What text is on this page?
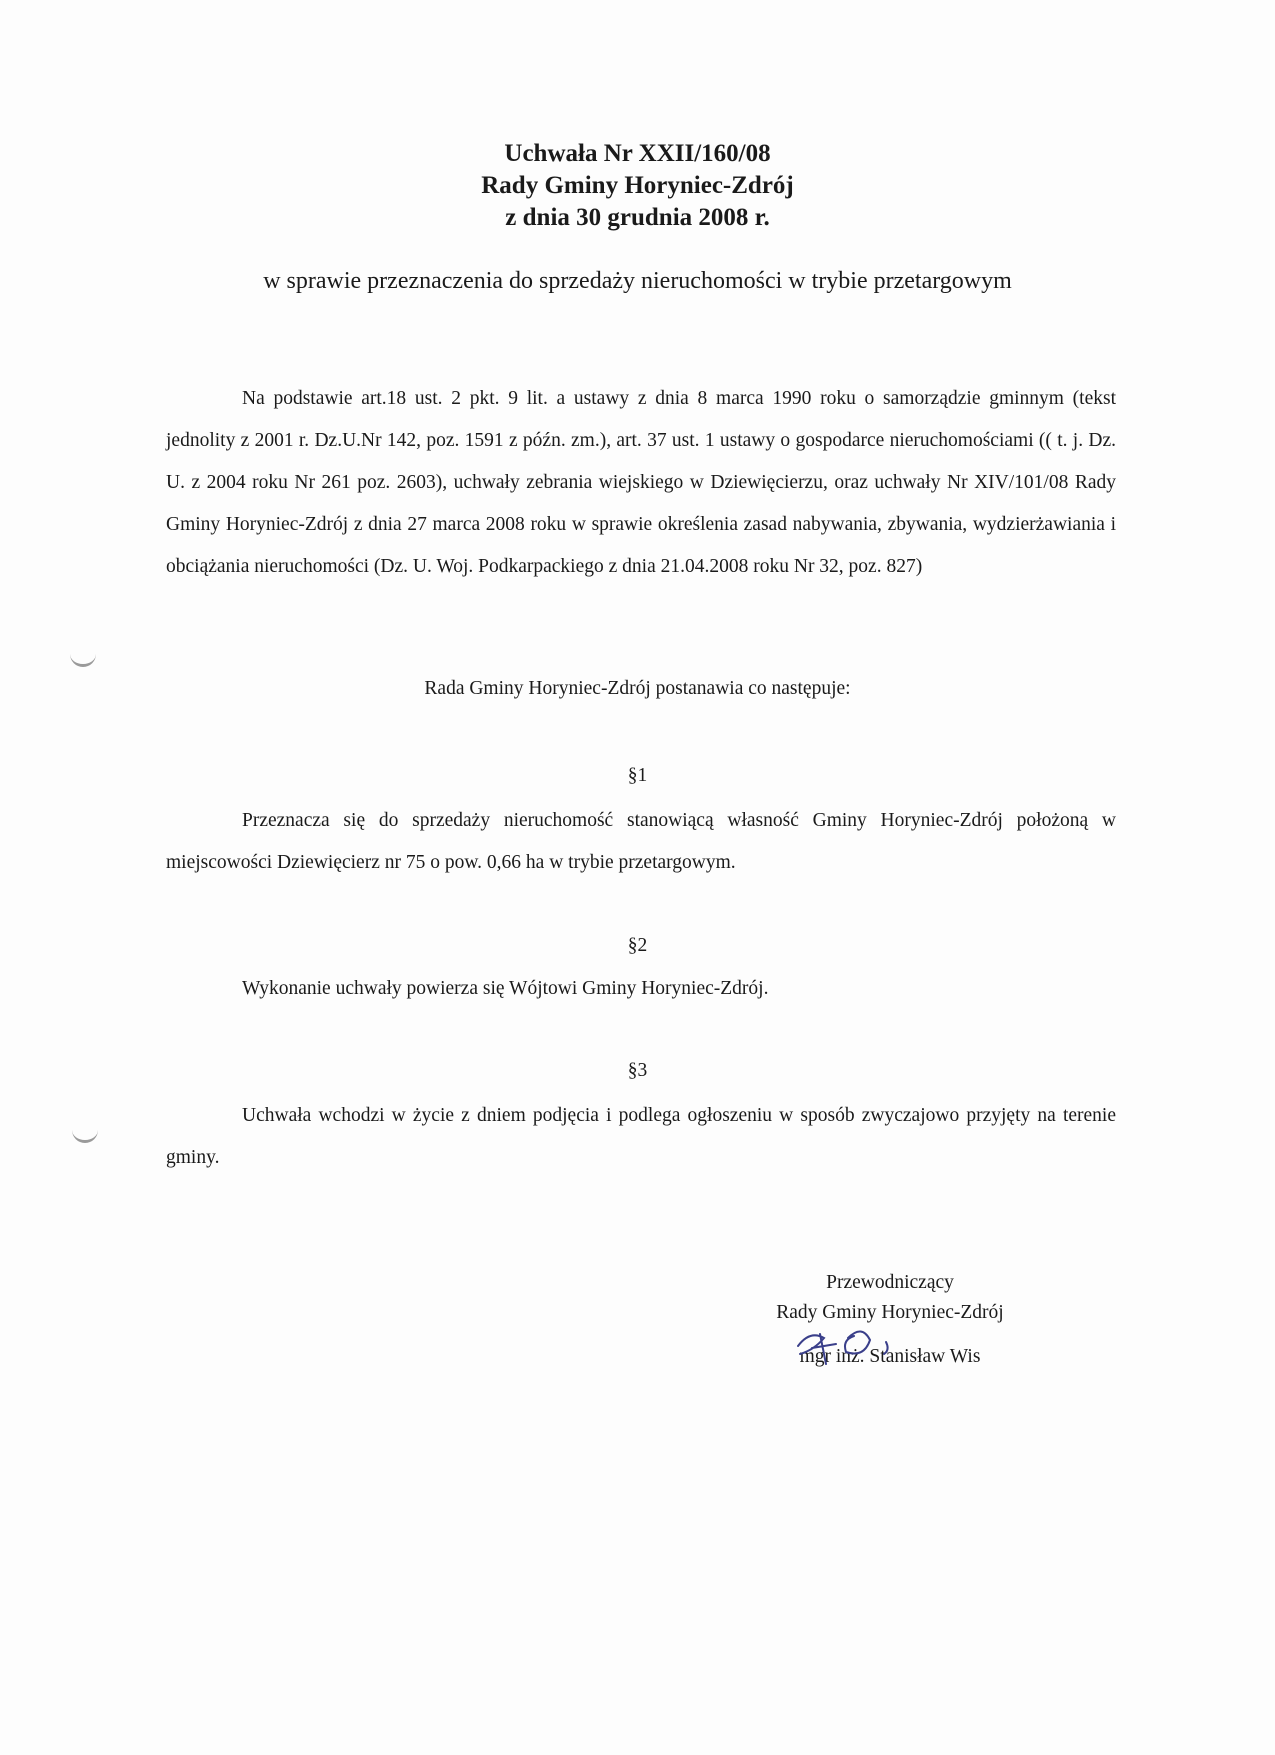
Uchwała Nr XXII/160/08
Rady Gminy Horyniec-Zdrój
z dnia 30 grudnia 2008 r.
w sprawie przeznaczenia do sprzedaży nieruchomości w trybie przetargowym
Na podstawie art.18 ust. 2 pkt. 9 lit. a ustawy z dnia 8 marca 1990 roku o samorządzie gminnym (tekst jednolity z 2001 r. Dz.U.Nr 142, poz. 1591 z późn. zm.), art. 37 ust. 1 ustawy o gospodarce nieruchomościami (( t. j. Dz. U. z 2004 roku Nr 261 poz. 2603), uchwały zebrania wiejskiego w Dziewięcierzu, oraz uchwały Nr XIV/101/08 Rady Gminy Horyniec-Zdrój z dnia 27 marca 2008 roku w sprawie określenia zasad nabywania, zbywania, wydzierżawiania i obciążania nieruchomości (Dz. U. Woj. Podkarpackiego z dnia 21.04.2008 roku Nr 32, poz. 827)
Rada Gminy Horyniec-Zdrój postanawia co następuje:
§1
Przeznacza się do sprzedaży nieruchomość stanowiącą własność Gminy Horyniec-Zdrój położoną w miejscowości Dziewięcierz nr 75 o pow. 0,66 ha w trybie przetargowym.
§2
Wykonanie uchwały powierza się Wójtowi Gminy Horyniec-Zdrój.
§3
Uchwała wchodzi w życie z dniem podjęcia i podlega ogłoszeniu w sposób zwyczajowo przyjęty na terenie gminy.
Przewodniczący
Rady Gminy Horyniec-Zdrój
mgr inż. Stanisław Wis
